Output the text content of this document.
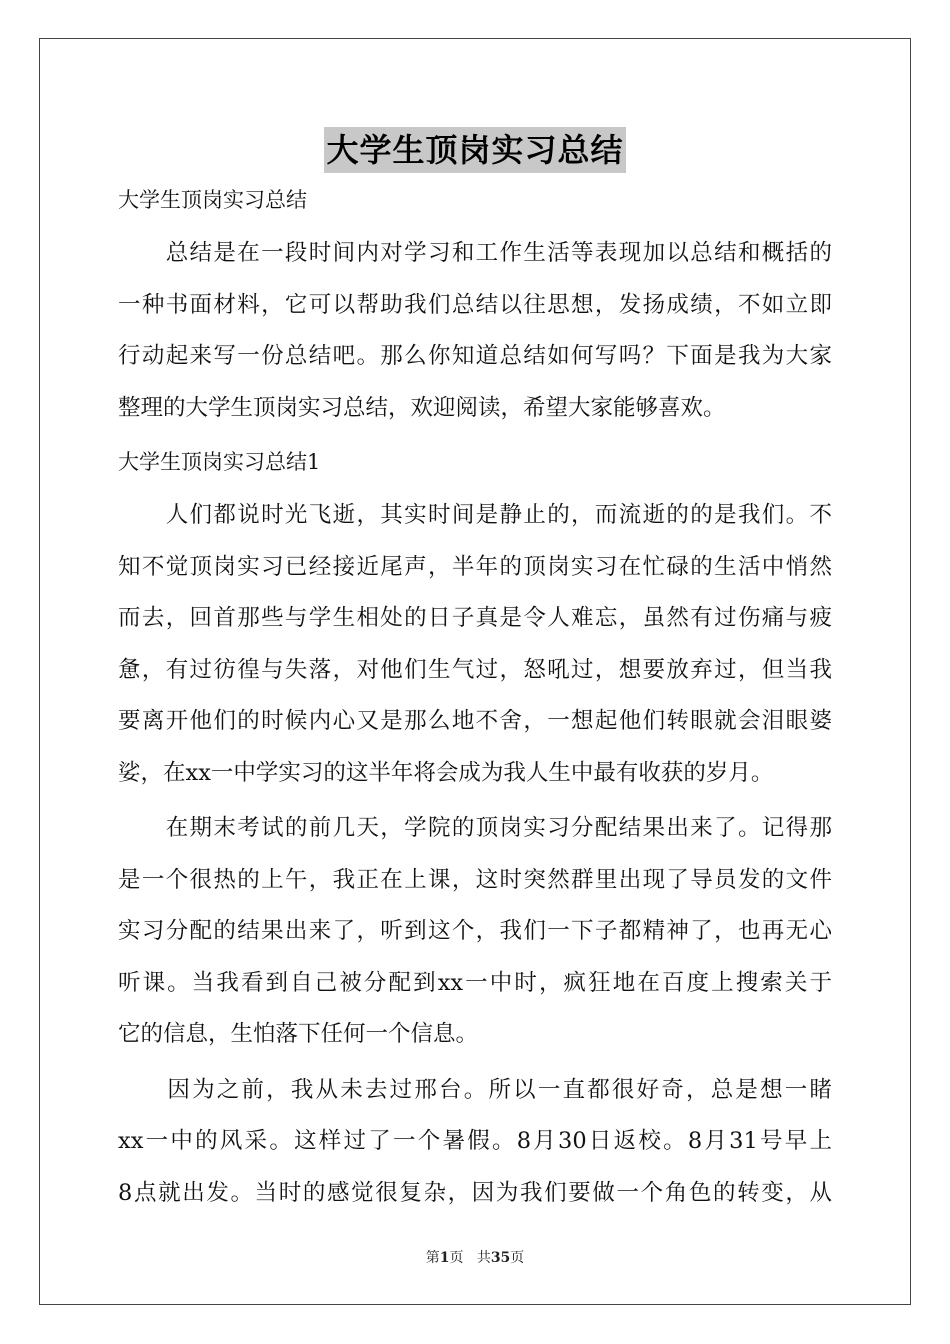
大学生顶岗实习总结
大学生顶岗实习总结
　　总结是在一段时间内对学习和工作生活等表现加以总结和概括的
一种书面材料，它可以帮助我们总结以往思想，发扬成绩，不如立即
行动起来写一份总结吧。那么你知道总结如何写吗？下面是我为大家
整理的大学生顶岗实习总结，欢迎阅读，希望大家能够喜欢。
大学生顶岗实习总结1
　　人们都说时光飞逝，其实时间是静止的，而流逝的的是我们。不
知不觉顶岗实习已经接近尾声，半年的顶岗实习在忙碌的生活中悄然
而去，回首那些与学生相处的日子真是令人难忘，虽然有过伤痛与疲
惫，有过彷徨与失落，对他们生气过，怒吼过，想要放弃过，但当我
要离开他们的时候内心又是那么地不舍，一想起他们转眼就会泪眼婆
娑，在xx一中学实习的这半年将会成为我人生中最有收获的岁月。
　　在期末考试的前几天，学院的顶岗实习分配结果出来了。记得那
是一个很热的上午，我正在上课，这时突然群里出现了导员发的文件
实习分配的结果出来了，听到这个，我们一下子都精神了，也再无心
听课。当我看到自己被分配到xx一中时，疯狂地在百度上搜索关于
它的信息，生怕落下任何一个信息。
　　因为之前，我从未去过邢台。所以一直都很好奇，总是想一睹
xx一中的风采。这样过了一个暑假。8月30日返校。8月31号早上
8点就出发。当时的感觉很复杂，因为我们要做一个角色的转变，从
第1页 共35页
